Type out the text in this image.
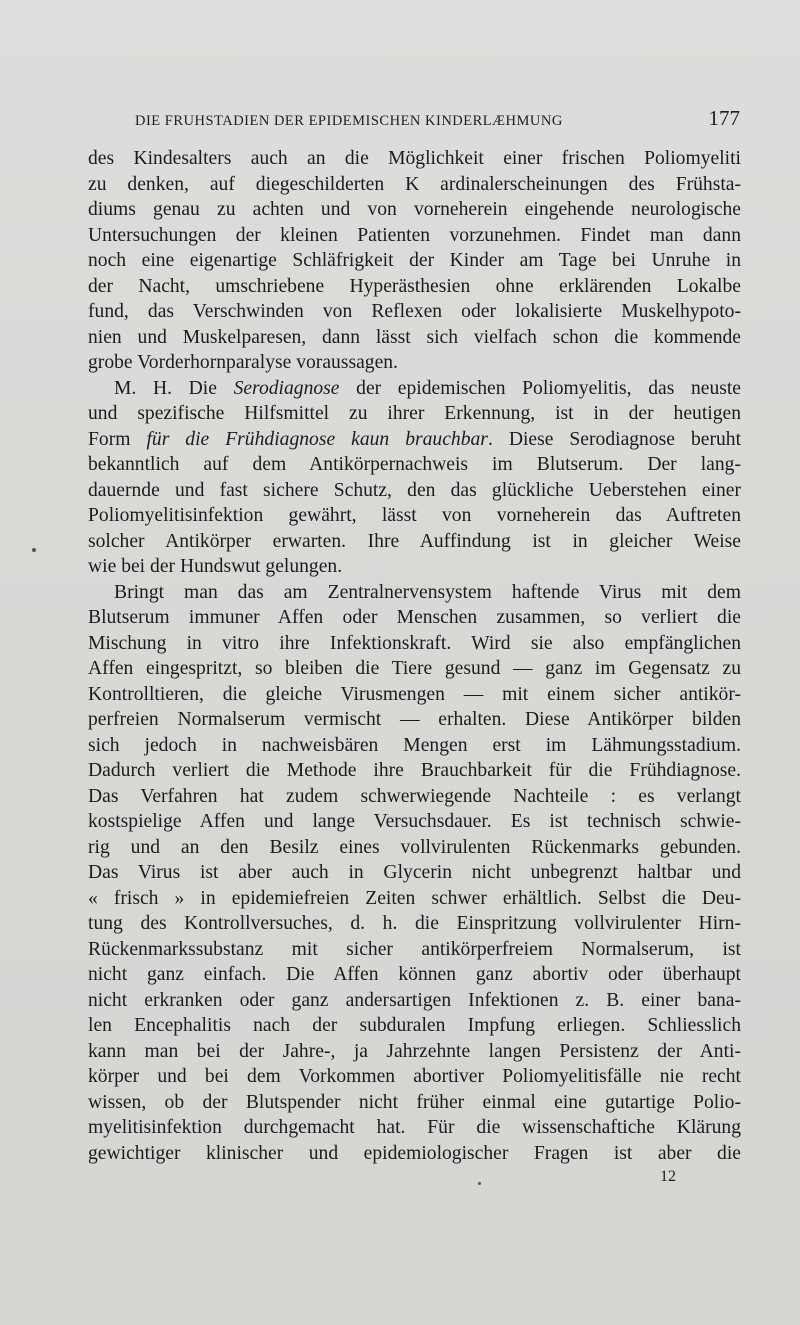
DIE FRUHSTADIEN DER EPIDEMISCHEN KINDERLÆHMUNG	177
des Kindesalters auch an die Möglichkeit einer frischen Poliomyeliti
zu denken, auf diegeschilderten K ardinalerscheinungen des Frühsta-
diums genau zu achten und von vorneherein eingehende neurologische
Untersuchungen der kleinen Patienten vorzunehmen. Findet man dann
noch eine eigenartige Schläfrigkeit der Kinder am Tage bei Unruhe in
der Nacht, umschriebene Hyperästhesien ohne erklärenden Lokalbe
fund, das Verschwinden von Reflexen oder lokalisierte Muskelhypoto-
nien und Muskelparesen, dann lässt sich vielfach schon die kommende
grobe Vorderhornparalyse voraussagen.
M. H. Die Serodiagnose der epidemischen Poliomyelitis, das neuste
und spezifische Hilfsmittel zu ihrer Erkennung, ist in der heutigen
Form für die Frühdiagnose kaun brauchbar. Diese Serodiagnose beruht
bekanntlich auf dem Antikörpernachweis im Blutserum. Der lang-
dauernde und fast sichere Schutz, den das glückliche Ueberstehen einer
Poliomyelitisinfektion gewährt, lässt von vorneherein das Auftreten
solcher Antikörper erwarten. Ihre Auffindung ist in gleicher Weise
wie bei der Hundswut gelungen.
Bringt man das am Zentralnervensystem haftende Virus mit dem
Blutserum immuner Affen oder Menschen zusammen, so verliert die
Mischung in vitro ihre Infektionskraft. Wird sie also empfänglichen
Affen eingespritzt, so bleiben die Tiere gesund — ganz im Gegensatz zu
Kontrolltieren, die gleiche Virusmengen — mit einem sicher antikör-
perfreien Normalserum vermischt — erhalten. Diese Antikörper bilden
sich jedoch in nachweisbären Mengen erst im Lähmungsstadium.
Dadurch verliert die Methode ihre Brauchbarkeit für die Frühdiagnose.
Das Verfahren hat zudem schwerwiegende Nachteile : es verlangt
kostspielige Affen und lange Versuchsdauer. Es ist technisch schwie-
rig und an den Besilz eines vollvirulenten Rückenmarks gebunden.
Das Virus ist aber auch in Glycerin nicht unbegrenzt haltbar und
« frisch » in epidemiefreien Zeiten schwer erhältlich. Selbst die Deu-
tung des Kontrollversuches, d. h. die Einspritzung vollvirulenter Hirn-
Rückenmarkssubstanz mit sicher antikörperfreiem Normalserum, ist
nicht ganz einfach. Die Affen können ganz abortiv oder überhaupt
nicht erkranken oder ganz andersartigen Infektionen z. B. einer bana-
len Encephalitis nach der subduralen Impfung erliegen. Schliesslich
kann man bei der Jahre-, ja Jahrzehnte langen Persistenz der Anti-
körper und bei dem Vorkommen abortiver Poliomyelitisfälle nie recht
wissen, ob der Blutspender nicht früher einmal eine gutartige Polio-
myelitisinfektion durchgemacht hat. Für die wissenschaftiche Klärung
gewichtiger klinischer und epidemiologischer Fragen ist aber die
12
